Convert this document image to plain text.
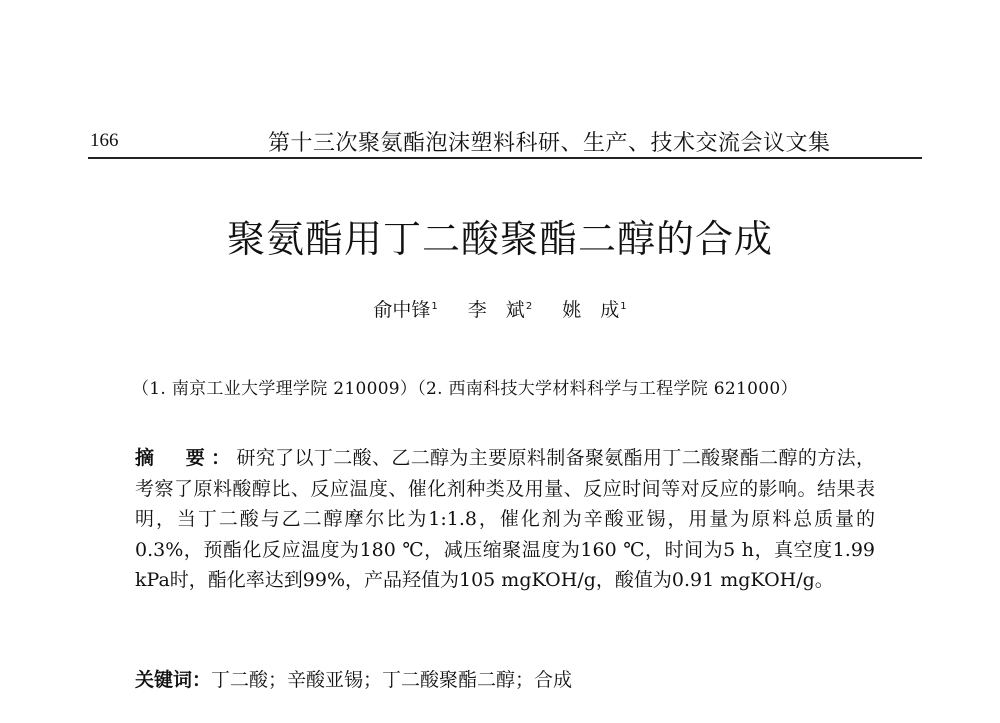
166	第十三次聚氨酯泡沫塑料科研、生产、技术交流会议文集
聚氨酯用丁二酸聚酯二醇的合成
俞中锋$^1$ 李　斌$^2$ 姚　成$^1$
（1. 南京工业大学理学院 210009）（2. 西南科技大学材料科学与工程学院 621000）
摘　要：研究了以丁二酸、乙二醇为主要原料制备聚氨酯用丁二酸聚酯二醇的方法，考察了原料酸醇比、反应温度、催化剂种类及用量、反应时间等对反应的影响。结果表明，当丁二酸与乙二醇摩尔比为1:1.8，催化剂为辛酸亚锡，用量为原料总质量的0.3%，预酯化反应温度为180 ℃，减压缩聚温度为160 ℃，时间为5 h，真空度1.99 kPa时，酯化率达到99%，产品羟值为105 mgKOH/g，酸值为0.91 mgKOH/g。
关键词：丁二酸；辛酸亚锡；丁二酸聚酯二醇；合成
